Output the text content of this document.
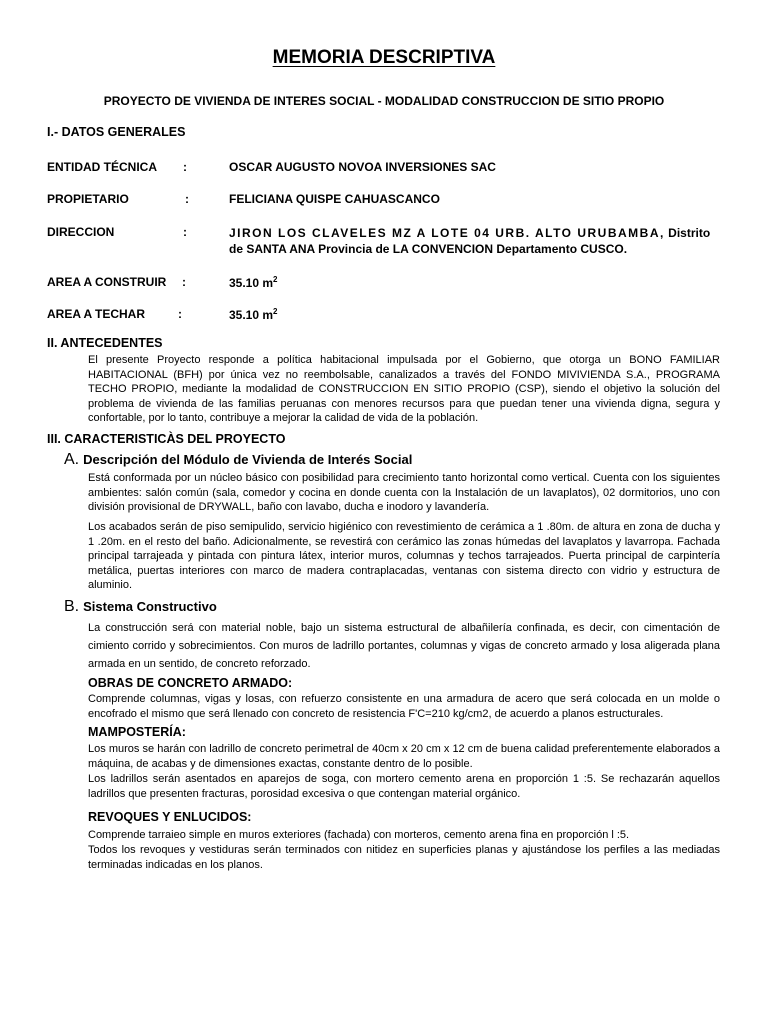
MEMORIA DESCRIPTIVA
PROYECTO DE VIVIENDA DE INTERES SOCIAL - MODALIDAD CONSTRUCCION DE SITIO PROPIO
I.- DATOS GENERALES
ENTIDAD TÉCNICA :	OSCAR AUGUSTO NOVOA INVERSIONES SAC
PROPIETARIO	:	FELICIANA QUISPE CAHUASCANCO
DIRECCION	:	JIRON LOS CLAVELES MZ A LOTE 04 URB. ALTO URUBAMBA, Distrito
de SANTA ANA Provincia de LA CONVENCION Departamento CUSCO.
AREA A CONSTRUIR :	35.10 $m^2$
AREA A TECHAR	:	35.10 $m^2$
II. ANTECEDENTES
El presente Proyecto responde a política habitacional impulsada por el Gobierno, que otorga un BONO FAMILIAR HABITACIONAL (BFH) por única vez no reembolsable, canalizados a través del FONDO MIVIVIENDA S.A., PROGRAMA TECHO PROPIO, mediante la modalidad de CONSTRUCCION EN SITIO PROPIO (CSP), siendo el objetivo la solución del problema de vivienda de las familias peruanas con menores recursos para que puedan tener una vivienda digna, segura y confortable, por lo tanto, contribuye a mejorar la calidad de vida de la población.
III. CARACTERISTICÀS DEL PROYECTO
A. Descripción del Módulo de Vivienda de Interés Social
Está conformada por un núcleo básico con posibilidad para crecimiento tanto horizontal como vertical. Cuenta con los siguientes ambientes: salón común (sala, comedor y cocina en donde cuenta con la Instalación de un lavaplatos), 02 dormitorios, uno con división provisional de DRYWALL, baño con lavabo, ducha e inodoro y lavandería.
Los acabados serán de piso semipulido, servicio higiénico con revestimiento de cerámica a 1 .80m. de altura en zona de ducha y 1 .20m. en el resto del baño. Adicionalmente, se revestirá con cerámico las zonas húmedas del lavaplatos y lavarropa. Fachada principal tarrajeada y pintada con pintura látex, interior muros, columnas y techos tarrajeados. Puerta principal de carpintería metálica, puertas interiores con marco de madera contraplacadas, ventanas con sistema directo con vidrio y estructura de aluminio.
B. Sistema Constructivo
La construcción será con material noble, bajo un sistema estructural de albañilería confinada, es decir, con cimentación de cimiento corrido y sobrecimientos. Con muros de ladrillo portantes, columnas y vigas de concreto armado y losa aligerada plana armada en un sentido, de concreto reforzado.
OBRAS DE CONCRETO ARMADO:
Comprende columnas, vigas y losas, con refuerzo consistente en una armadura de acero que será colocada en un molde o encofrado el mismo que será llenado con concreto de resistencia F'C=210 kg/cm2, de acuerdo a planos estructurales.
MAMPOSTERÍA:
Los muros se harán con ladrillo de concreto perimetral de 40cm x 20 cm x 12 cm de buena calidad preferentemente elaborados a máquina, de acabas y de dimensiones exactas, constante dentro de lo posible.
Los ladrillos serán asentados en aparejos de soga, con mortero cemento arena en proporción 1 :5. Se rechazarán aquellos ladrillos que presenten fracturas, porosidad excesiva o que contengan material orgánico.
REVOQUES Y ENLUCIDOS:
Comprende tarraieo simple en muros exteriores (fachada) con morteros, cemento arena fina en proporción l :5.
Todos los revoques y vestiduras serán terminados con nitidez en superficies planas y ajustándose los perfiles a las mediadas terminadas indicadas en los planos.
